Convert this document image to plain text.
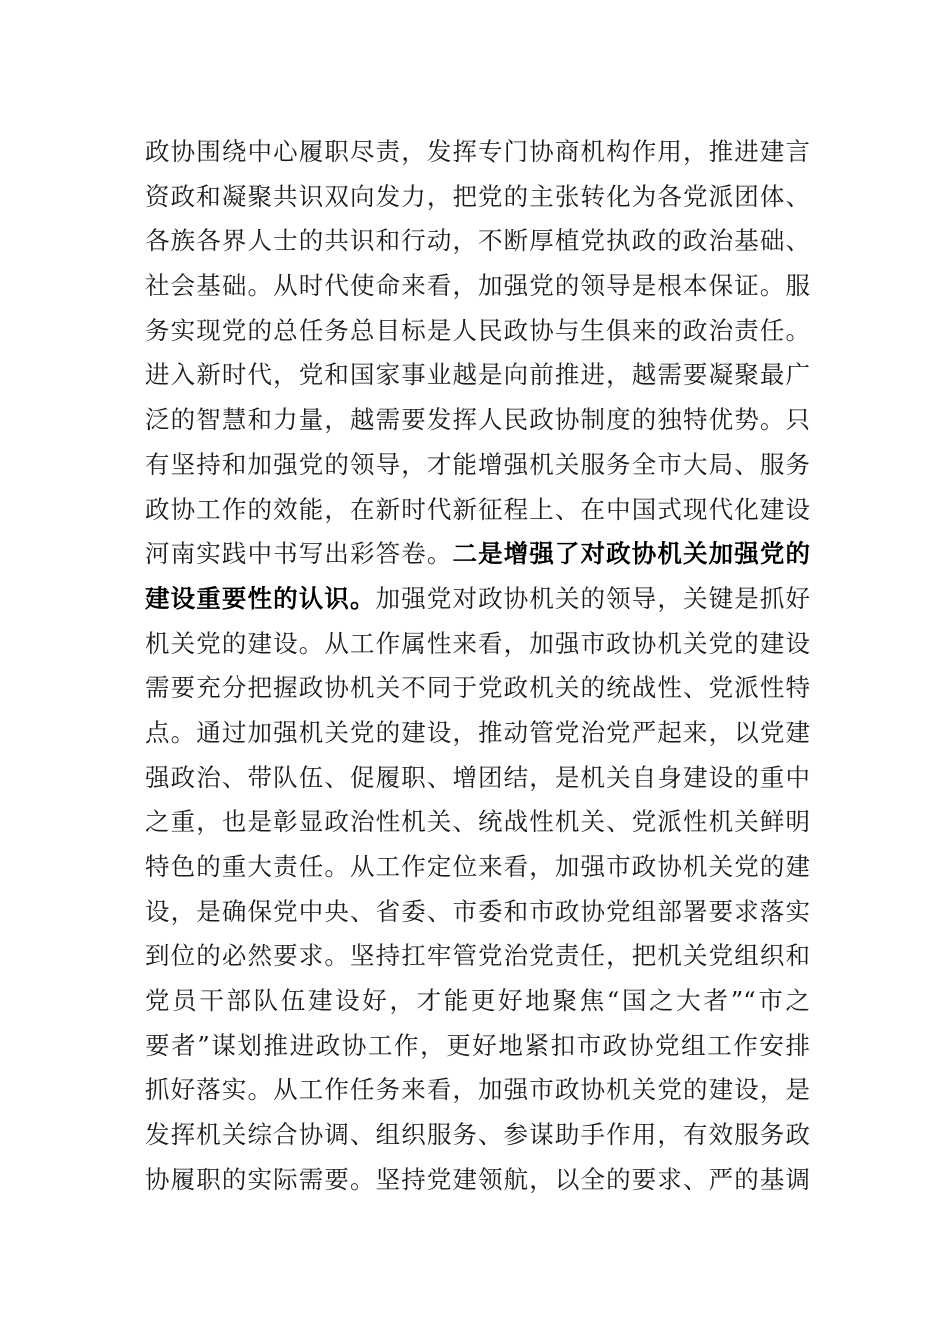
政协围绕中心履职尽责，发挥专门协商机构作用，推进建言
资政和凝聚共识双向发力，把党的主张转化为各党派团体、
各族各界人士的共识和行动，不断厚植党执政的政治基础、
社会基础。从时代使命来看，加强党的领导是根本保证。服
务实现党的总任务总目标是人民政协与生俱来的政治责任。
进入新时代，党和国家事业越是向前推进，越需要凝聚最广
泛的智慧和力量，越需要发挥人民政协制度的独特优势。只
有坚持和加强党的领导，才能增强机关服务全市大局、服务
政协工作的效能，在新时代新征程上、在中国式现代化建设
河南实践中书写出彩答卷。二是增强了对政协机关加强党的
建设重要性的认识。加强党对政协机关的领导，关键是抓好
机关党的建设。从工作属性来看，加强市政协机关党的建设
需要充分把握政协机关不同于党政机关的统战性、党派性特
点。通过加强机关党的建设，推动管党治党严起来，以党建
强政治、带队伍、促履职、增团结，是机关自身建设的重中
之重，也是彰显政治性机关、统战性机关、党派性机关鲜明
特色的重大责任。从工作定位来看，加强市政协机关党的建
设，是确保党中央、省委、市委和市政协党组部署要求落实
到位的必然要求。坚持扛牢管党治党责任，把机关党组织和
党员干部队伍建设好，才能更好地聚焦“国之大者”“市之
要者”谋划推进政协工作，更好地紧扣市政协党组工作安排
抓好落实。从工作任务来看，加强市政协机关党的建设，是
发挥机关综合协调、组织服务、参谋助手作用，有效服务政
协履职的实际需要。坚持党建领航，以全的要求、严的基调
